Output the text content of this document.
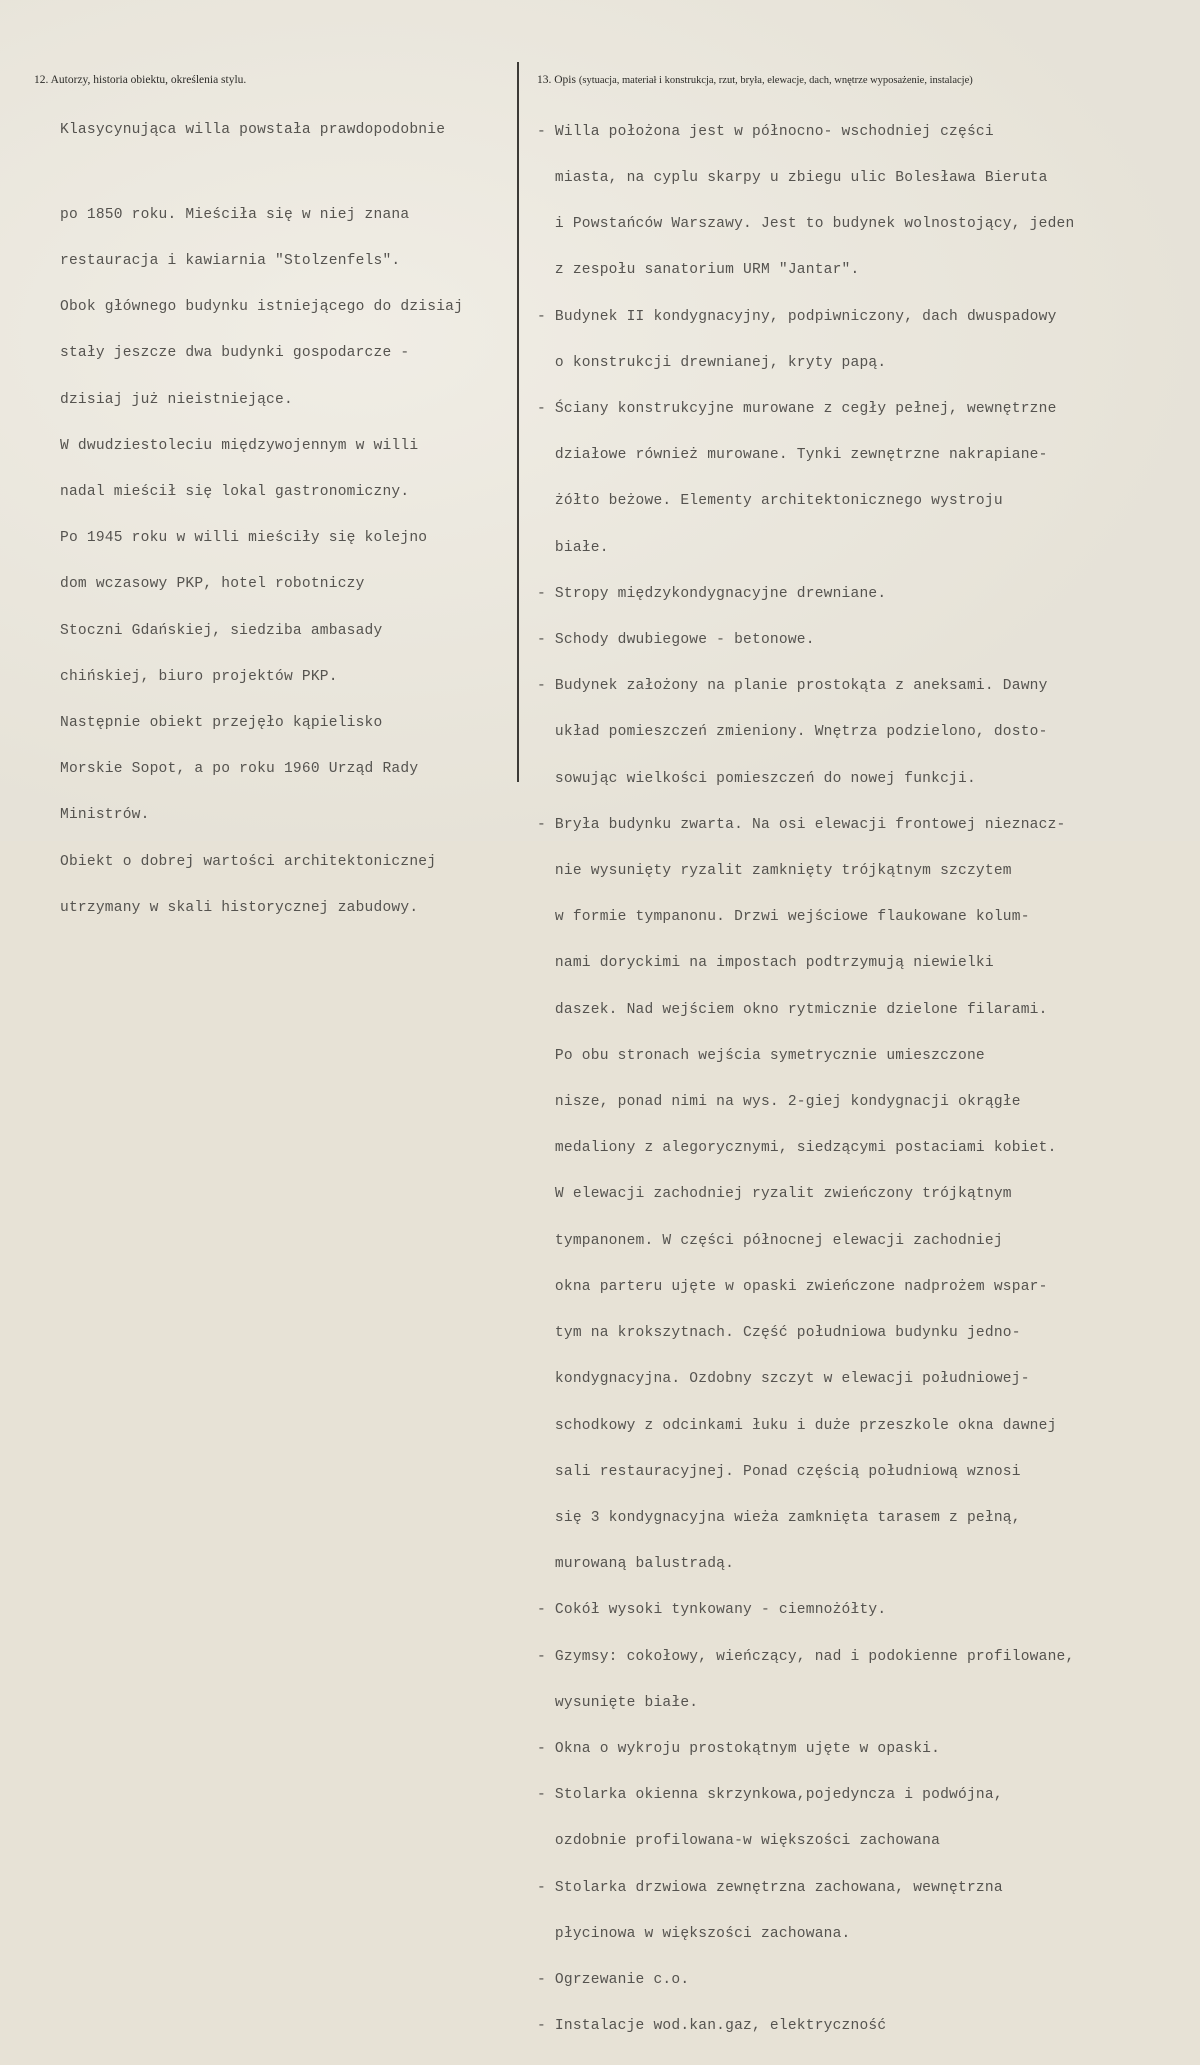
12. Autorzy, historia obiektu, określenia stylu.	13. Opis (sytuacja, materiał i konstrukcja, rzut, bryła, elewacje, dach, wnętrze wyposażenie, instalacje)

Klasycynująca willa powstała prawdopodobnie

po 1850 roku. Mieściła się w niej znana

restauracja i kawiarnia "Stolzenfels".

Obok głównego budynku istniejącego do dzisiaj

stały jeszcze dwa budynki gospodarcze -

dzisiaj już nieistniejące.

W dwudziestoleciu międzywojennym w willi

nadal mieścił się lokal gastronomiczny.

Po 1945 roku w willi mieściły się kolejno

dom wczasowy PKP, hotel robotniczy

Stoczni Gdańskiej, siedziba ambasady

chińskiej, biuro projektów PKP.

Następnie obiekt przejęło kąpielisko

Morskie Sopot, a po roku 1960 Urząd Rady

Ministrów.

Obiekt o dobrej wartości architektonicznej

utrzymany w skali historycznej zabudowy.

- Willa położona jest w północno- wschodniej części

miasta, na cyplu skarpy u zbiegu ulic Bolesława Bieruta

i Powstańców Warszawy. Jest to budynek wolnostojący, jeden

z zespołu sanatorium URM "Jantar".

- Budynek II kondygnacyjny, podpiwniczony, dach dwuspadowy

o konstrukcji drewnianej, kryty papą.

- Ściany konstrukcyjne murowane z cegły pełnej, wewnętrzne

działowe również murowane. Tynki zewnętrzne nakrapiane-

żółto beżowe. Elementy architektonicznego wystroju

białe.

- Stropy międzykondygnacyjne drewniane.

- Schody dwubiegowe - betonowe.

- Budynek założony na planie prostokąta z aneksami. Dawny

układ pomieszczeń zmieniony. Wnętrza podzielono, dosto-

sowując wielkości pomieszczeń do nowej funkcji.

- Bryła budynku zwarta. Na osi elewacji frontowej nieznacz-

nie wysunięty ryzalit zamknięty trójkątnym szczytem

w formie tympanonu. Drzwi wejściowe flaukowane kolum-

nami doryckimi na impostach podtrzymują niewielki

daszek. Nad wejściem okno rytmicznie dzielone filarami.

Po obu stronach wejścia symetrycznie umieszczone

nisze, ponad nimi na wys. 2-giej kondygnacji okrągłe

medaliony z alegorycznymi, siedzącymi postaciami kobiet.

W elewacji zachodniej ryzalit zwieńczony trójkątnym

tympanonem. W części północnej elewacji zachodniej

okna parteru ujęte w opaski zwieńczone nadprożem wspar-

tym na krokszytnach. Część południowa budynku jedno-

kondygnacyjna. Ozdobny szczyt w elewacji południowej-

schodkowy z odcinkami łuku i duże przeszkole okna dawnej

sali restauracyjnej. Ponad częścią południową wznosi

się 3 kondygnacyjna wieża zamknięta tarasem z pełną,

murowaną balustradą.

- Cokół wysoki tynkowany - ciemnożółty.

- Gzymsy: cokołowy, wieńczący, nad i podokienne profilowane,

wysunięte białe.

- Okna o wykroju prostokątnym ujęte w opaski.

- Stolarka okienna skrzynkowa,pojedyncza i podwójna,

ozdobnie profilowana-w większości zachowana

- Stolarka drzwiowa zewnętrzna zachowana, wewnętrzna

płycinowa w większości zachowana.

- Ogrzewanie c.o.

- Instalacje wod.kan.gaz, elektryczność
